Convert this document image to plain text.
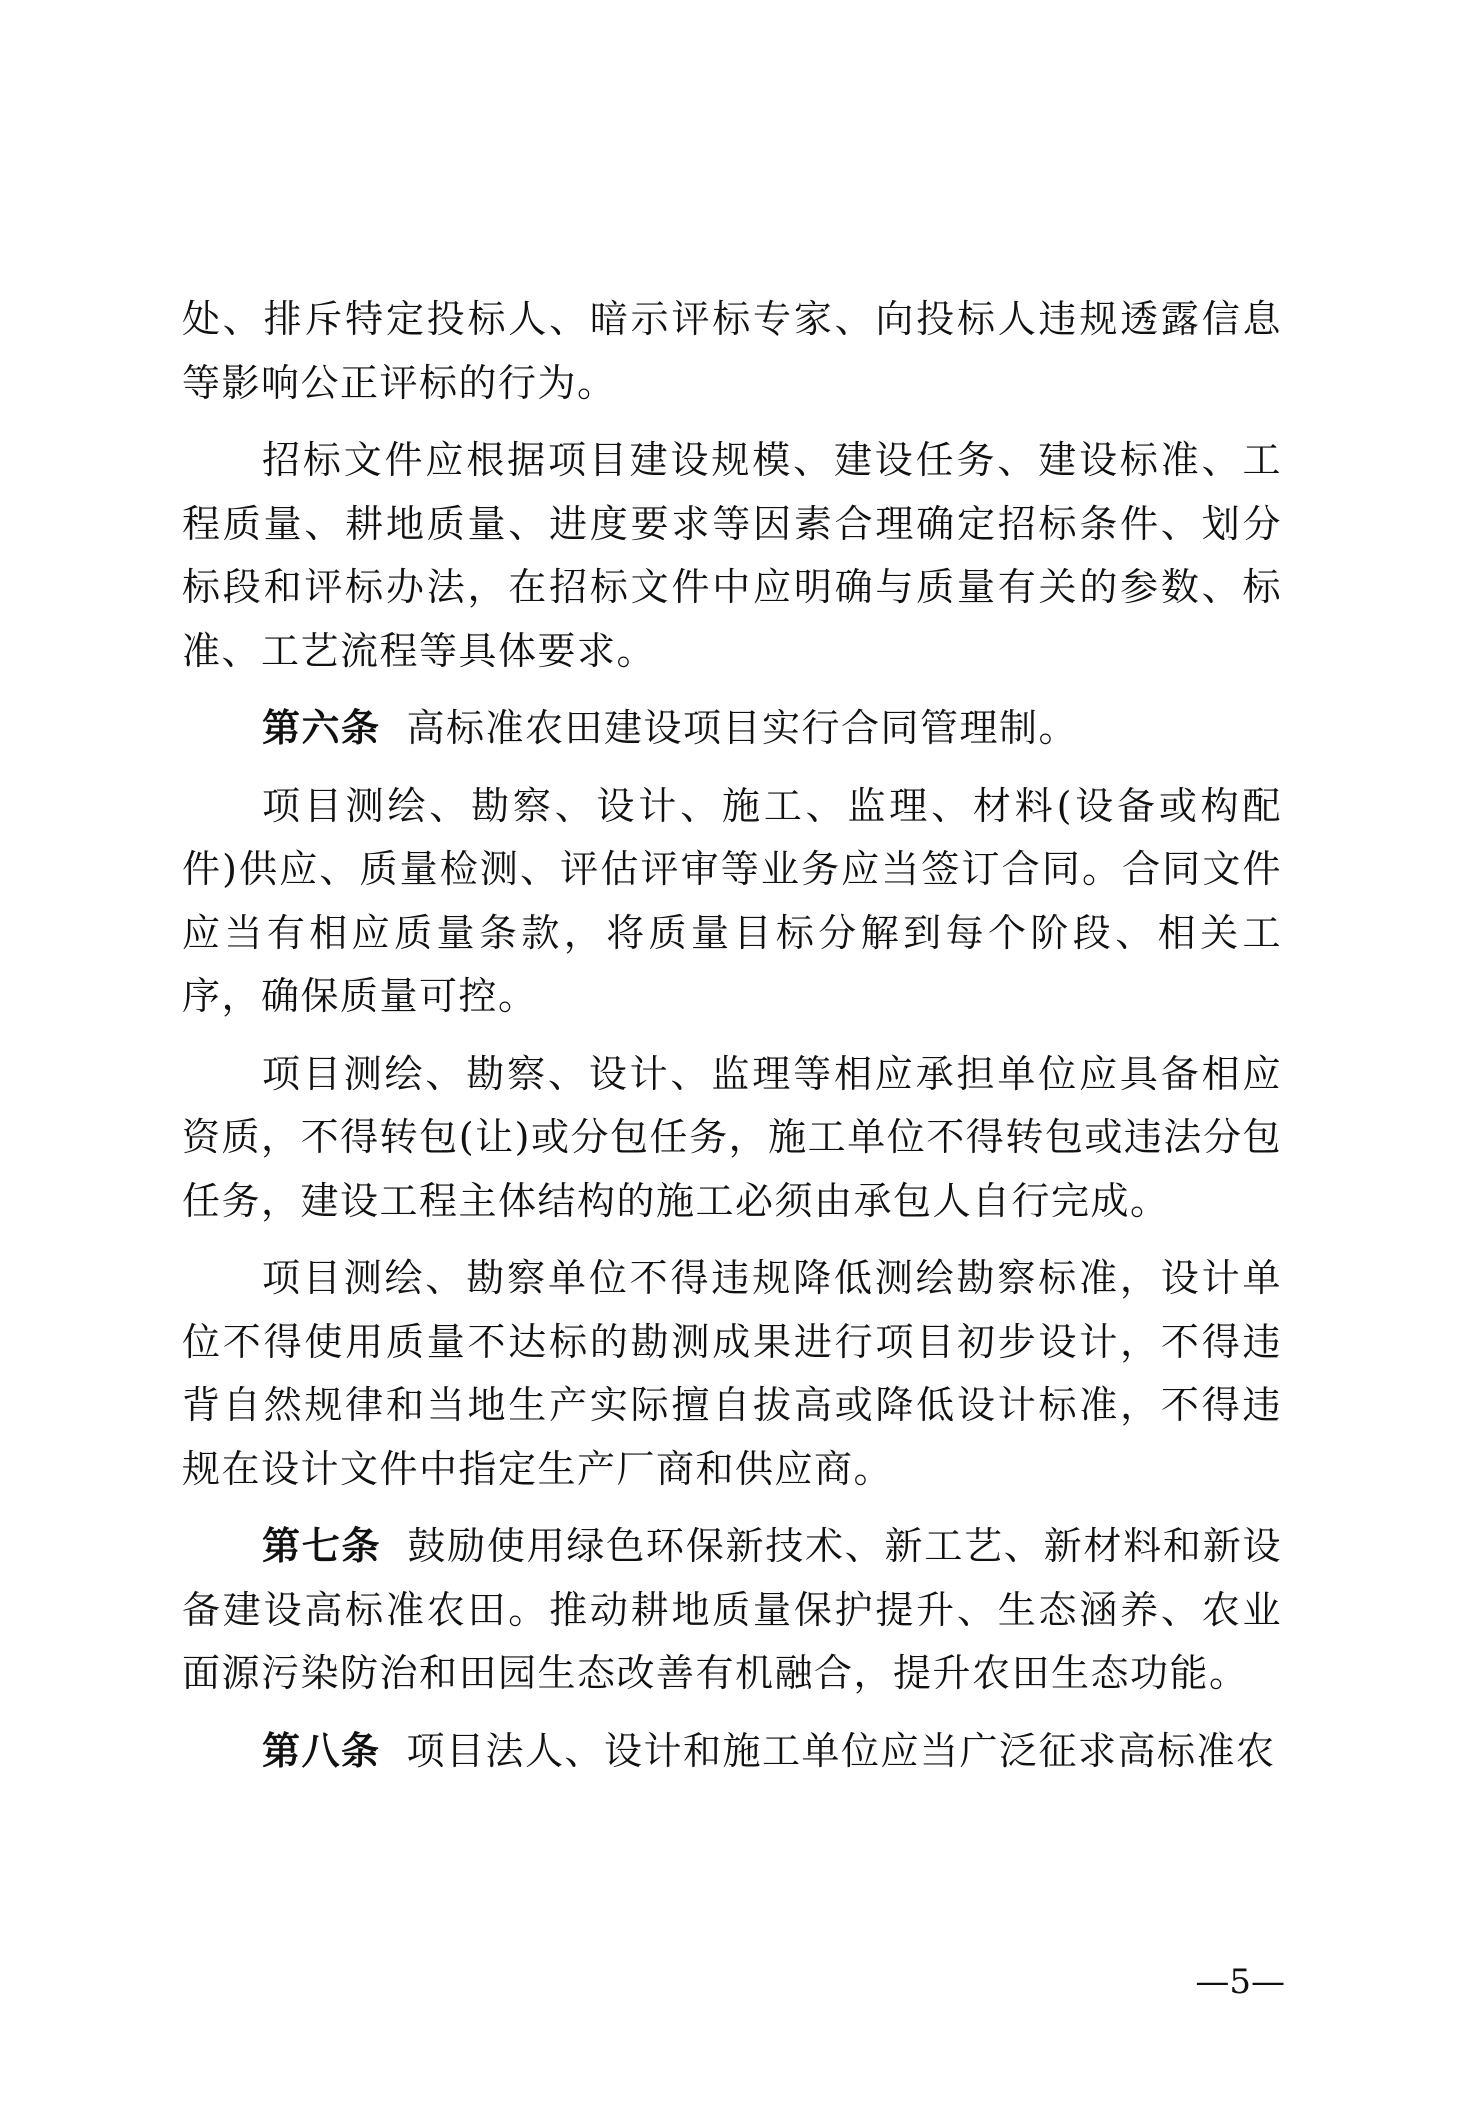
处、排斥特定投标人、暗示评标专家、向投标人违规透露信息等影响公正评标的行为。

招标文件应根据项目建设规模、建设任务、建设标准、工程质量、耕地质量、进度要求等因素合理确定招标条件、划分标段和评标办法，在招标文件中应明确与质量有关的参数、标准、工艺流程等具体要求。

第六条 高标准农田建设项目实行合同管理制。

项目测绘、勘察、设计、施工、监理、材料(设备或构配件)供应、质量检测、评估评审等业务应当签订合同。合同文件应当有相应质量条款，将质量目标分解到每个阶段、相关工序，确保质量可控。

项目测绘、勘察、设计、监理等相应承担单位应具备相应资质，不得转包(让)或分包任务，施工单位不得转包或违法分包任务，建设工程主体结构的施工必须由承包人自行完成。

项目测绘、勘察单位不得违规降低测绘勘察标准，设计单位不得使用质量不达标的勘测成果进行项目初步设计，不得违背自然规律和当地生产实际擅自拔高或降低设计标准，不得违规在设计文件中指定生产厂商和供应商。

第七条 鼓励使用绿色环保新技术、新工艺、新材料和新设备建设高标准农田。推动耕地质量保护提升、生态涵养、农业面源污染防治和田园生态改善有机融合，提升农田生态功能。

第八条 项目法人、设计和施工单位应当广泛征求高标准农

—5—
